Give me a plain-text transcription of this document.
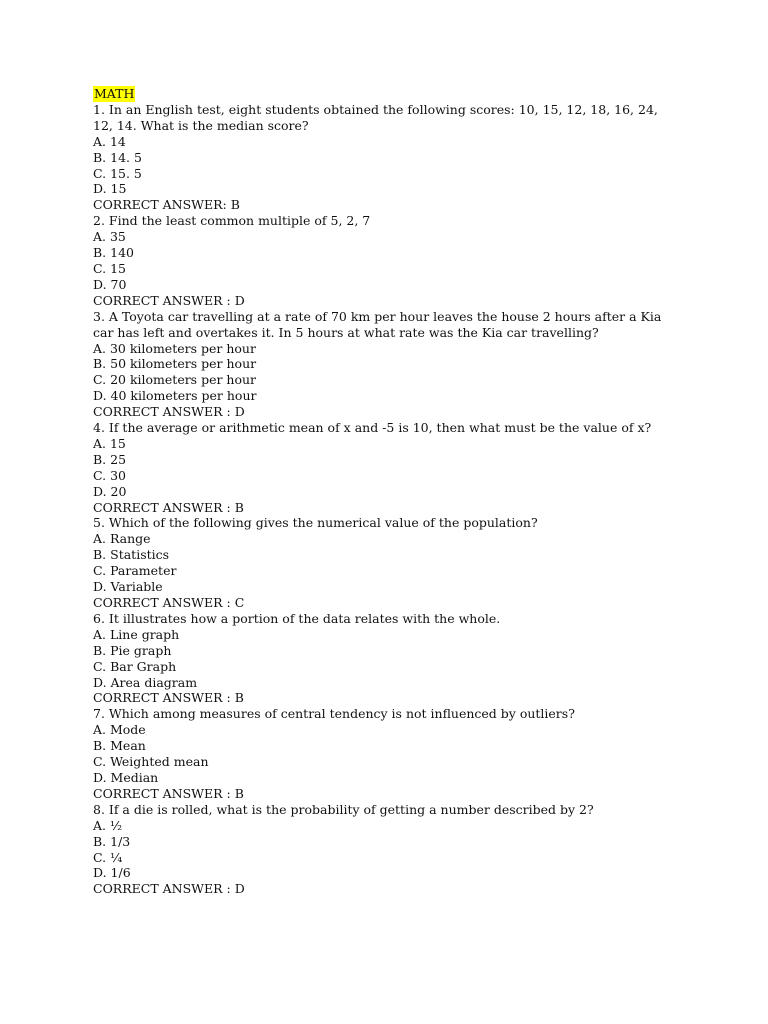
MATH
1. In an English test, eight students obtained the following scores: 10, 15, 12, 18, 16, 24, 12, 14. What is the median score?
A. 14
B. 14. 5
C. 15. 5
D. 15
CORRECT ANSWER: B
2. Find the least common multiple of 5, 2, 7
A. 35
B. 140
C. 15
D. 70
CORRECT ANSWER : D
3. A Toyota car travelling at a rate of 70 km per hour leaves the house 2 hours after a Kia car has left and overtakes it. In 5 hours at what rate was the Kia car travelling?
A. 30 kilometers per hour
B. 50 kilometers per hour
C. 20 kilometers per hour
D. 40 kilometers per hour
CORRECT ANSWER : D
4. If the average or arithmetic mean of x and -5 is 10, then what must be the value of x?
A. 15
B. 25
C. 30
D. 20
CORRECT ANSWER : B
5. Which of the following gives the numerical value of the population?
A. Range
B. Statistics
C. Parameter
D. Variable
CORRECT ANSWER : C
6. It illustrates how a portion of the data relates with the whole.
A. Line graph
B. Pie graph
C. Bar Graph
D. Area diagram
CORRECT ANSWER : B
7. Which among measures of central tendency is not influenced by outliers?
A. Mode
B. Mean
C. Weighted mean
D. Median
CORRECT ANSWER : B
8. If a die is rolled, what is the probability of getting a number described by 2?
A. ½
B. 1/3
C. ¼
D. 1/6
CORRECT ANSWER : D
